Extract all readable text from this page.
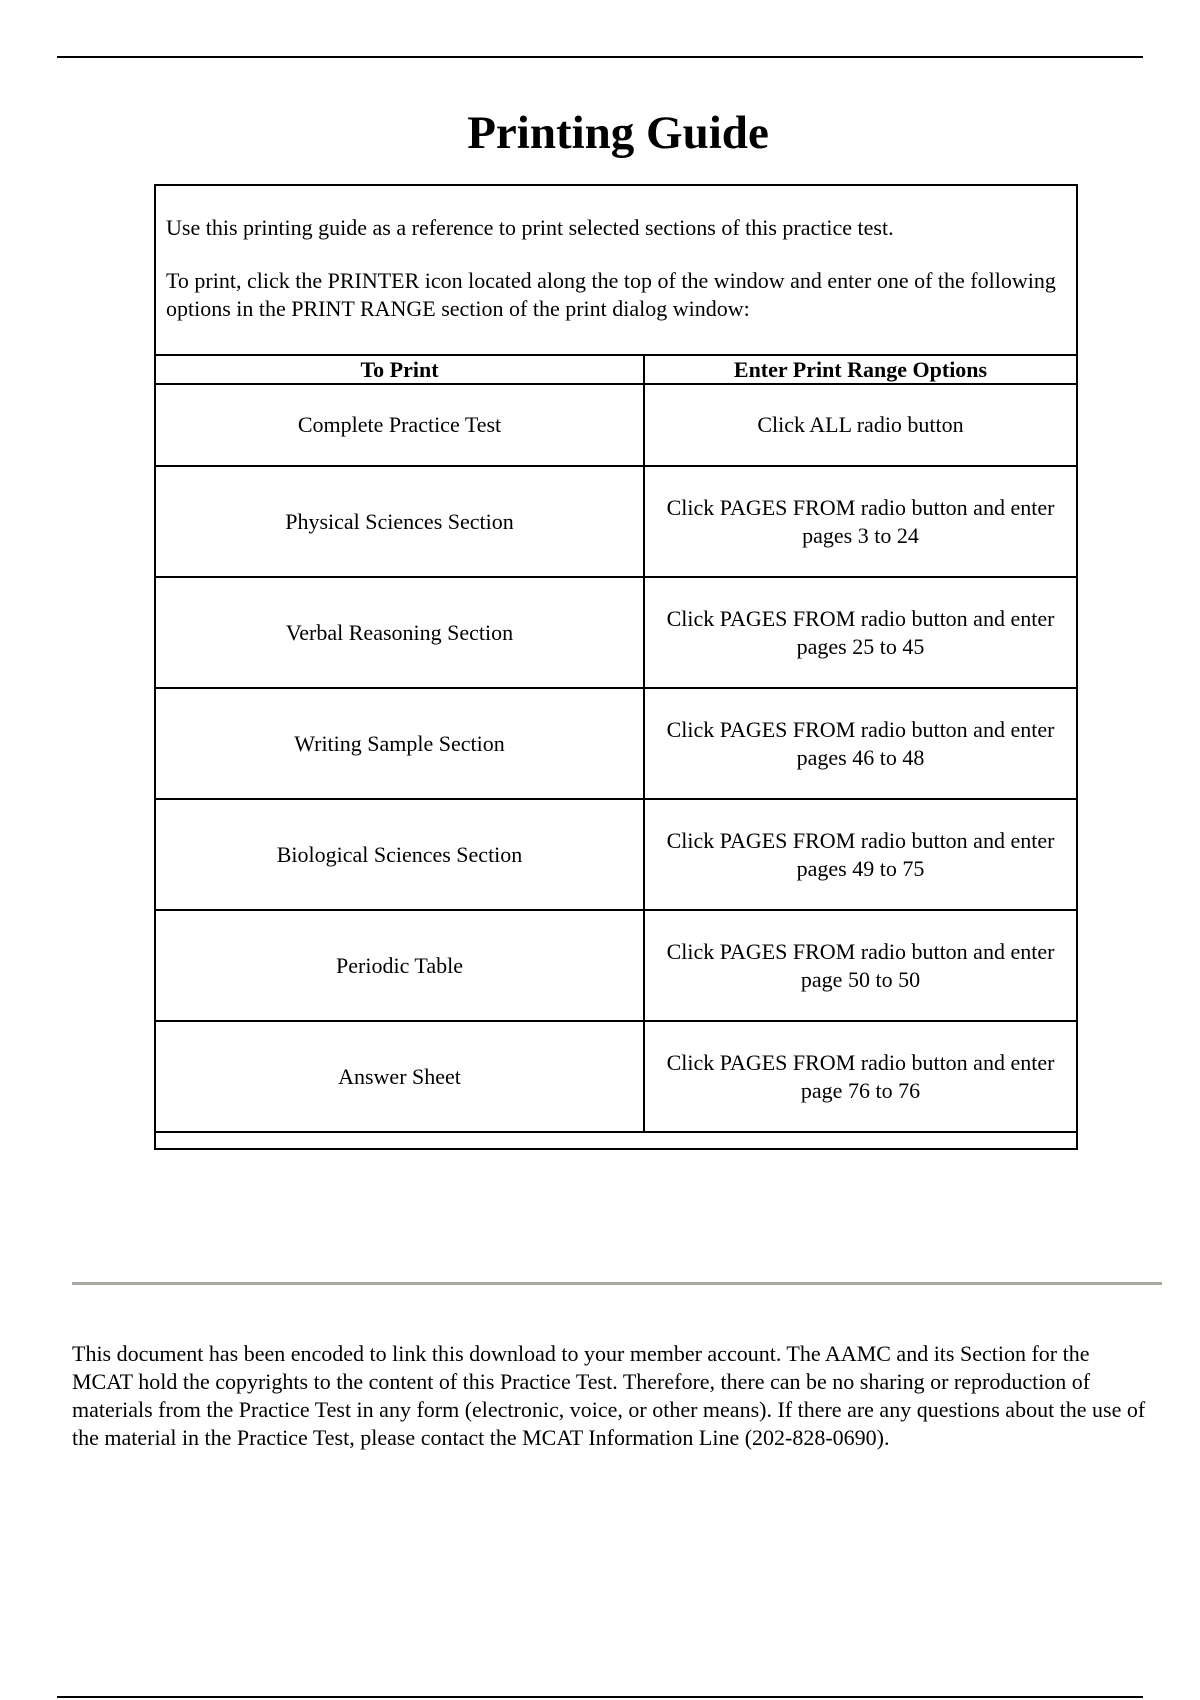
Printing Guide

Use this printing guide as a reference to print selected sections of this practice test.

To print, click the PRINTER icon located along the top of the window and enter one of the following options in the PRINT RANGE section of the print dialog window:

To Print	Enter Print Range Options
Complete Practice Test	Click ALL radio button
Physical Sciences Section	Click PAGES FROM radio button and enter pages 3 to 24
Verbal Reasoning Section	Click PAGES FROM radio button and enter pages 25 to 45
Writing Sample Section	Click PAGES FROM radio button and enter pages 46 to 48
Biological Sciences Section	Click PAGES FROM radio button and enter pages 49 to 75
Periodic Table	Click PAGES FROM radio button and enter page 50 to 50
Answer Sheet	Click PAGES FROM radio button and enter page 76 to 76

This document has been encoded to link this download to your member account. The AAMC and its Section for the MCAT hold the copyrights to the content of this Practice Test. Therefore, there can be no sharing or reproduction of materials from the Practice Test in any form (electronic, voice, or other means). If there are any questions about the use of the material in the Practice Test, please contact the MCAT Information Line (202-828-0690).
